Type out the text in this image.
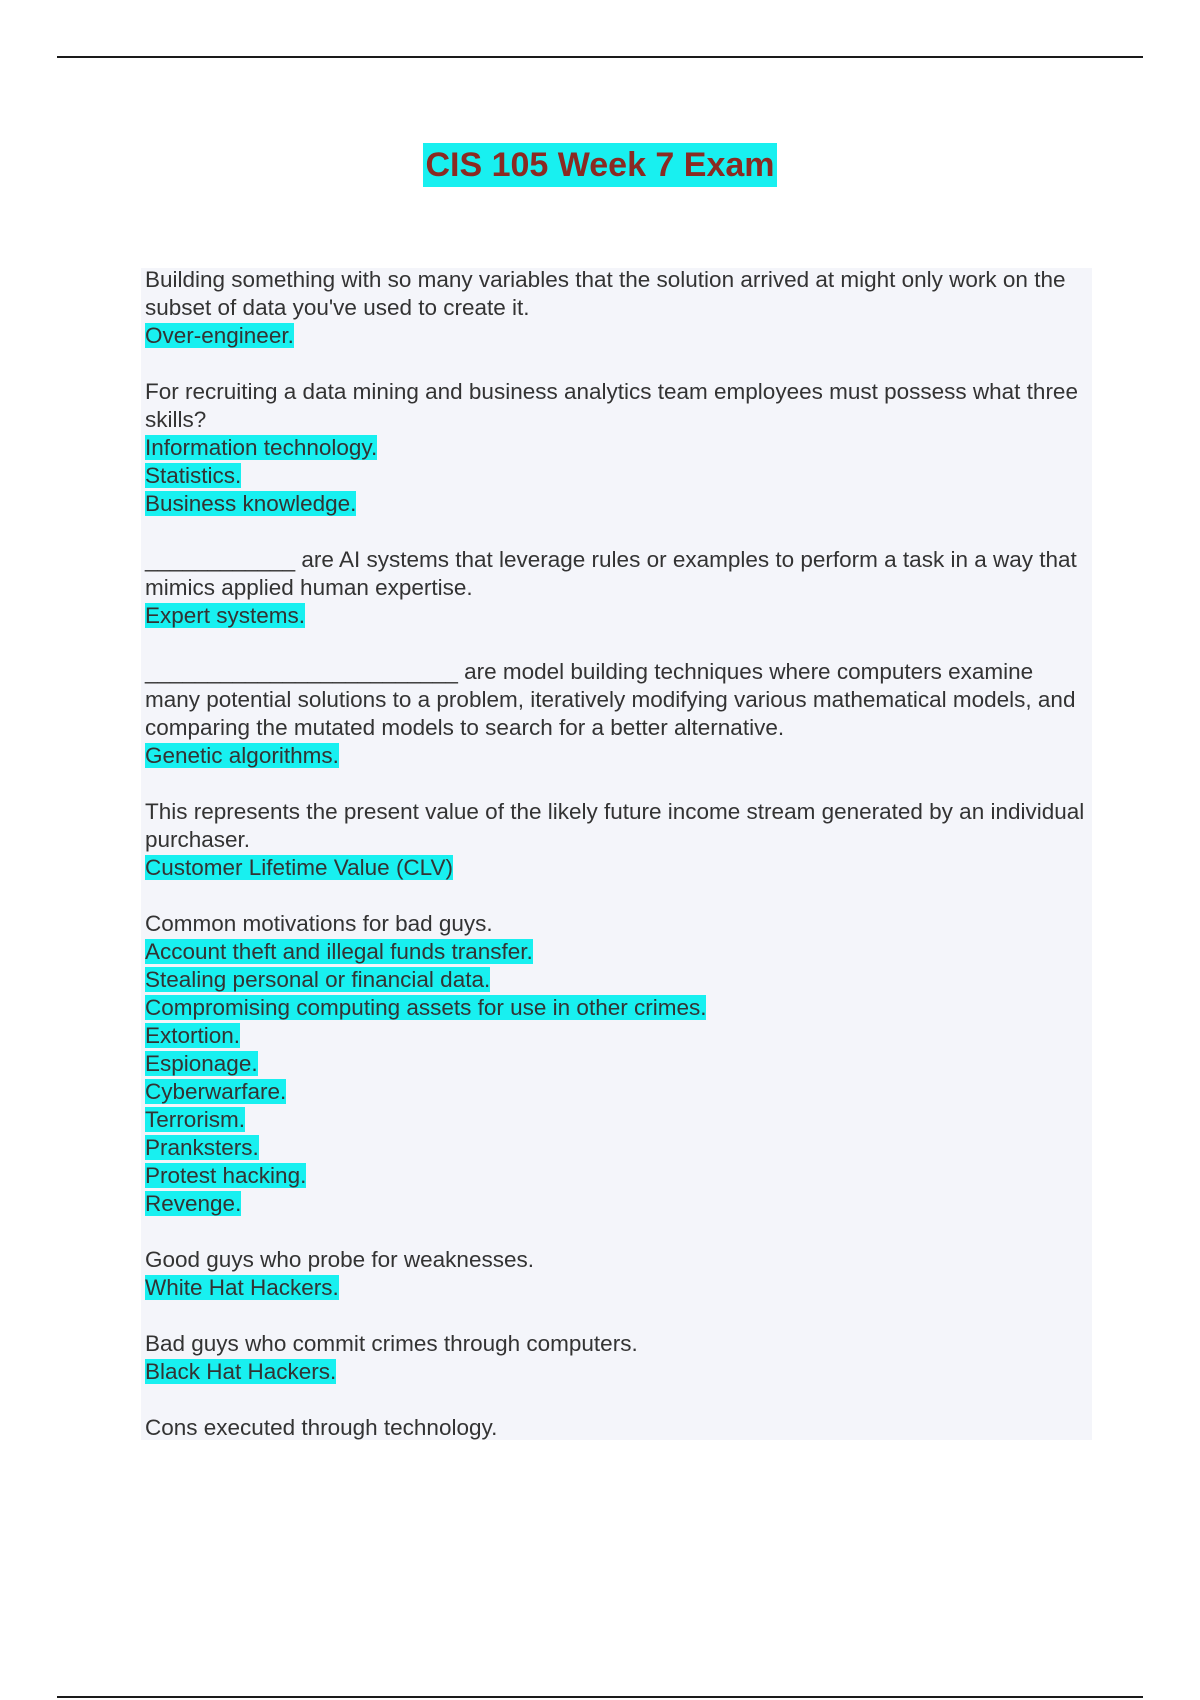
CIS 105 Week 7 Exam
Building something with so many variables that the solution arrived at might only work on the subset of data you've used to create it.
Over-engineer.
For recruiting a data mining and business analytics team employees must possess what three skills?
Information technology.
Statistics.
Business knowledge.
____________ are AI systems that leverage rules or examples to perform a task in a way that mimics applied human expertise.
Expert systems.
_________________________ are model building techniques where computers examine many potential solutions to a problem, iteratively modifying various mathematical models, and comparing the mutated models to search for a better alternative.
Genetic algorithms.
This represents the present value of the likely future income stream generated by an individual purchaser.
Customer Lifetime Value (CLV)
Common motivations for bad guys.
Account theft and illegal funds transfer.
Stealing personal or financial data.
Compromising computing assets for use in other crimes.
Extortion.
Espionage.
Cyberwarfare.
Terrorism.
Pranksters.
Protest hacking.
Revenge.
Good guys who probe for weaknesses.
White Hat Hackers.
Bad guys who commit crimes through computers.
Black Hat Hackers.
Cons executed through technology.
